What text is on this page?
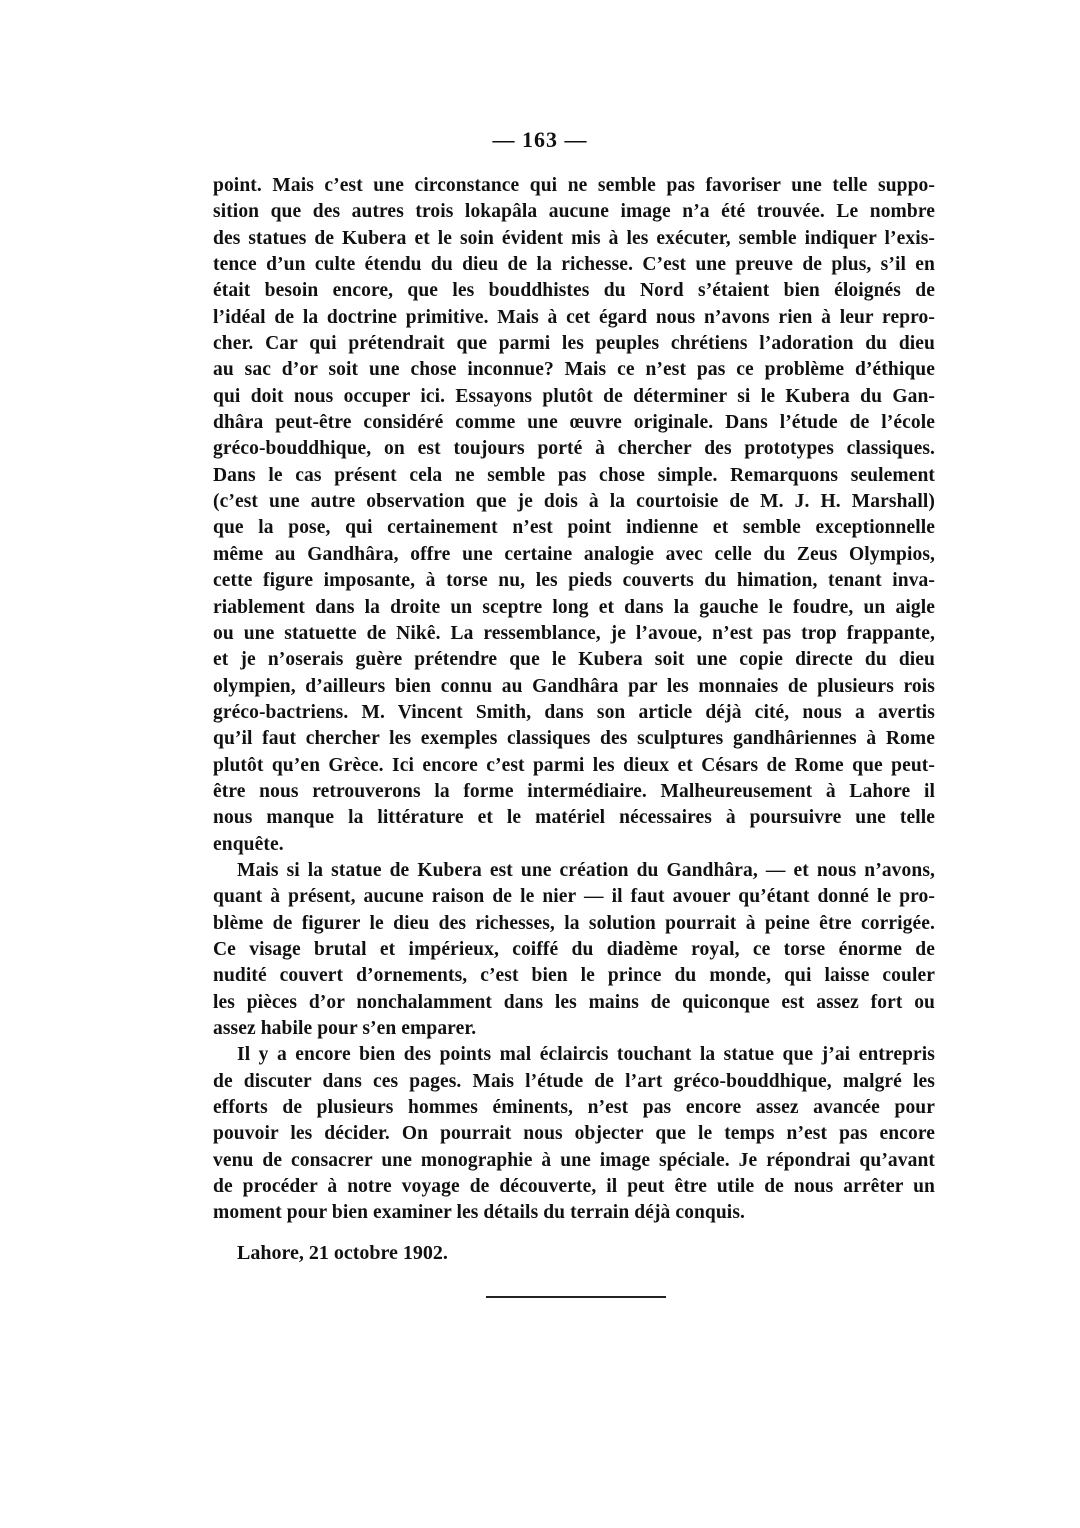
— 163 —
point. Mais c’est une circonstance qui ne semble pas favoriser une telle suppo-
sition que des autres trois lokapâla aucune image n’a été trouvée. Le nombre
des statues de Kubera et le soin évident mis à les exécuter, semble indiquer l’exis-
tence d’un culte étendu du dieu de la richesse. C’est une preuve de plus, s’il en
était besoin encore, que les bouddhistes du Nord s’étaient bien éloignés de
l’idéal de la doctrine primitive. Mais à cet égard nous n’avons rien à leur repro-
cher. Car qui prétendrait que parmi les peuples chrétiens l’adoration du dieu
au sac d’or soit une chose inconnue? Mais ce n’est pas ce problème d’éthique
qui doit nous occuper ici. Essayons plutôt de déterminer si le Kubera du Gan-
dhâra peut-être considéré comme une œuvre originale. Dans l’étude de l’école
gréco-bouddhique, on est toujours porté à chercher des prototypes classiques.
Dans le cas présent cela ne semble pas chose simple. Remarquons seulement
(c’est une autre observation que je dois à la courtoisie de M. J. H. Marshall)
que la pose, qui certainement n’est point indienne et semble exceptionnelle
même au Gandhâra, offre une certaine analogie avec celle du Zeus Olympios,
cette figure imposante, à torse nu, les pieds couverts du himation, tenant inva-
riablement dans la droite un sceptre long et dans la gauche le foudre, un aigle
ou une statuette de Nikê. La ressemblance, je l’avoue, n’est pas trop frappante,
et je n’oserais guère prétendre que le Kubera soit une copie directe du dieu
olympien, d’ailleurs bien connu au Gandhâra par les monnaies de plusieurs rois
gréco-bactriens. M. Vincent Smith, dans son article déjà cité, nous a avertis
qu’il faut chercher les exemples classiques des sculptures gandhâriennes à Rome
plutôt qu’en Grèce. Ici encore c’est parmi les dieux et Césars de Rome que peut-
être nous retrouverons la forme intermédiaire. Malheureusement à Lahore il
nous manque la littérature et le matériel nécessaires à poursuivre une telle
enquête.
Mais si la statue de Kubera est une création du Gandhâra, — et nous n’avons,
quant à présent, aucune raison de le nier — il faut avouer qu’étant donné le pro-
blème de figurer le dieu des richesses, la solution pourrait à peine être corrigée.
Ce visage brutal et impérieux, coiffé du diadème royal, ce torse énorme de
nudité couvert d’ornements, c’est bien le prince du monde, qui laisse couler
les pièces d’or nonchalamment dans les mains de quiconque est assez fort ou
assez habile pour s’en emparer.
Il y a encore bien des points mal éclaircis touchant la statue que j’ai entrepris
de discuter dans ces pages. Mais l’étude de l’art gréco-bouddhique, malgré les
efforts de plusieurs hommes éminents, n’est pas encore assez avancée pour
pouvoir les décider. On pourrait nous objecter que le temps n’est pas encore
venu de consacrer une monographie à une image spéciale. Je répondrai qu’avant
de procéder à notre voyage de découverte, il peut être utile de nous arrêter un
moment pour bien examiner les détails du terrain déjà conquis.
Lahore, 21 octobre 1902.
